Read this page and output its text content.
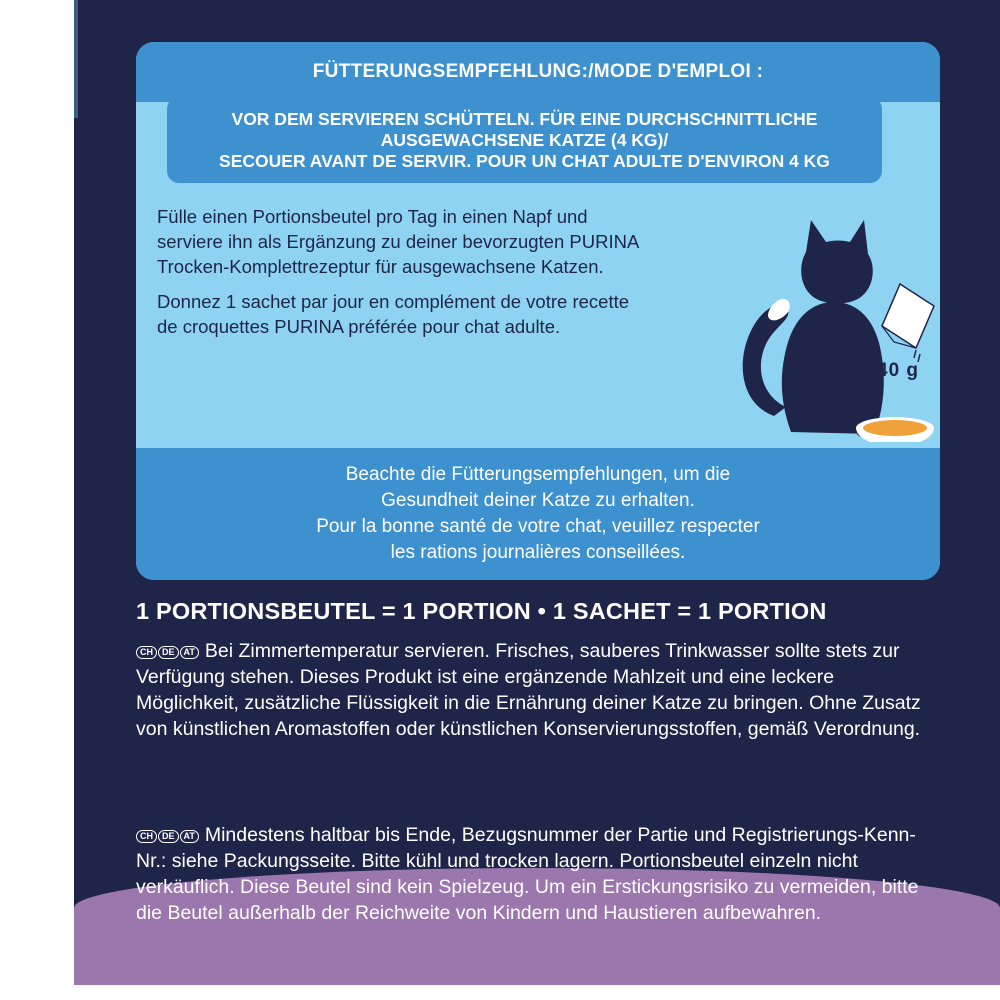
FÜTTERUNGSEMPFEHLUNG:/MODE D'EMPLOI :
VOR DEM SERVIEREN SCHÜTTELN. FÜR EINE DURCHSCHNITTLICHE
AUSGEWACHSENE KATZE (4 KG)/
SECOUER AVANT DE SERVIR. POUR UN CHAT ADULTE D'ENVIRON 4 KG

Fülle einen Portionsbeutel pro Tag in einen Napf und serviere ihn als Ergänzung zu deiner bevorzugten PURINA Trocken-Komplettrezeptur für ausgewachsene Katzen.

Donnez 1 sachet par jour en complément de votre recette de croquettes PURINA préférée pour chat adulte.

40 g
Beachte die Fütterungsempfehlungen, um die
Gesundheit deiner Katze zu erhalten.
Pour la bonne santé de votre chat, veuillez respecter
les rations journalières conseillées.
1 PORTIONSBEUTEL = 1 PORTION • 1 SACHET = 1 PORTION
CH	DE	AT Bei Zimmertemperatur servieren. Frisches, sauberes Trinkwasser sollte stets zur Verfügung stehen. Dieses Produkt ist eine ergänzende Mahlzeit und eine leckere Möglichkeit, zusätzliche Flüssigkeit in die Ernährung deiner Katze zu bringen. Ohne Zusatz von künstlichen Aromastoffen oder künstlichen Konservierungsstoffen, gemäß Verordnung.
CH	DE	AT Mindestens haltbar bis Ende, Bezugsnummer der Partie und Registrierungs-Kenn-Nr.: siehe Packungsseite. Bitte kühl und trocken lagern. Portionsbeutel einzeln nicht verkäuflich. Diese Beutel sind kein Spielzeug. Um ein Erstickungsrisiko zu vermeiden, bitte die Beutel außerhalb der Reichweite von Kindern und Haustieren aufbewahren.
